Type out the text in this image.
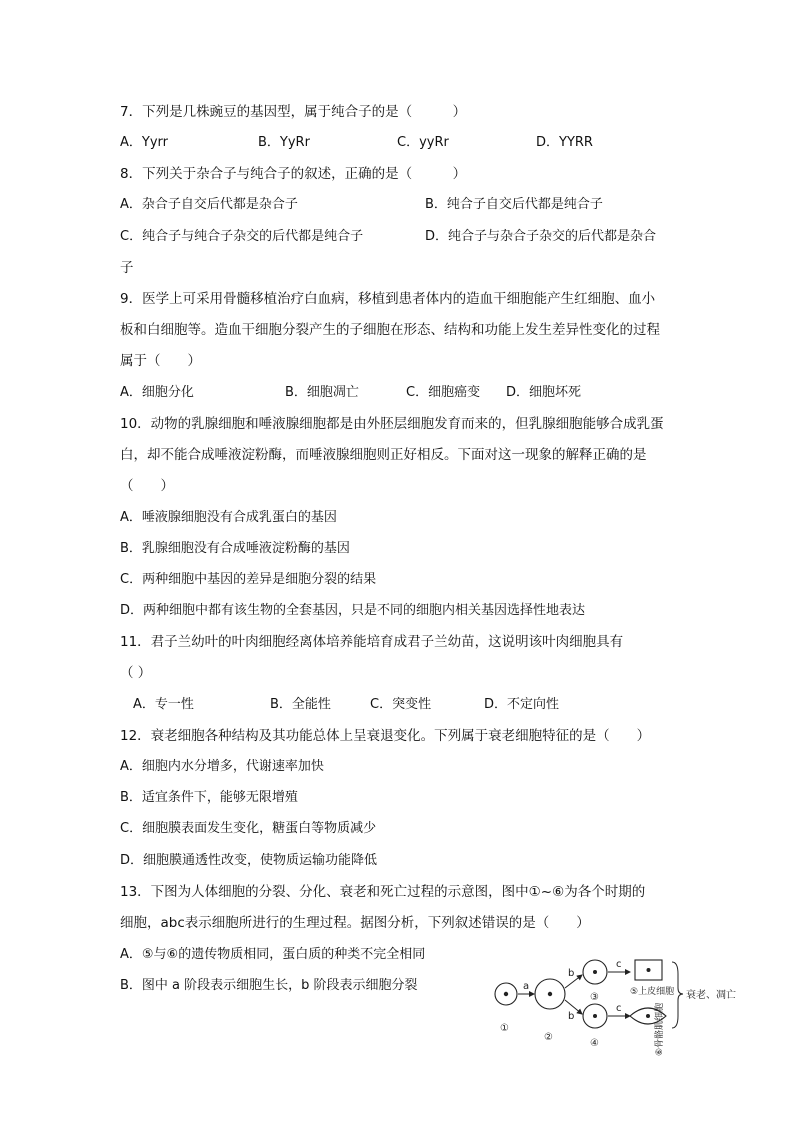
7．下列是几株豌豆的基因型，属于纯合子的是（　　　）
A．Yyrr	B．YyRr	C．yyRr	D．YYRR
8．下列关于杂合子与纯合子的叙述，正确的是（　　　）
A．杂合子自交后代都是杂合子	B．纯合子自交后代都是纯合子
C．纯合子与纯合子杂交的后代都是纯合子	D．纯合子与杂合子杂交的后代都是杂合
子
9．医学上可采用骨髓移植治疗白血病，移植到患者体内的造血干细胞能产生红细胞、血小
板和白细胞等。造血干细胞分裂产生的子细胞在形态、结构和功能上发生差异性变化的过程
属于（　　）
A．细胞分化	B．细胞凋亡	C．细胞癌变 D．细胞坏死
10．动物的乳腺细胞和唾液腺细胞都是由外胚层细胞发育而来的，但乳腺细胞能够合成乳蛋
白，却不能合成唾液淀粉酶，而唾液腺细胞则正好相反。下面对这一现象的解释正确的是
（　　）
A．唾液腺细胞没有合成乳蛋白的基因
B．乳腺细胞没有合成唾液淀粉酶的基因
C．两种细胞中基因的差异是细胞分裂的结果
D．两种细胞中都有该生物的全套基因，只是不同的细胞内相关基因选择性地表达
11．君子兰幼叶的叶肉细胞经离体培养能培育成君子兰幼苗，这说明该叶肉细胞具有
（ ）
A．专一性	B．全能性	C．突变性	D．不定向性
12．衰老细胞各种结构及其功能总体上呈衰退变化。下列属于衰老细胞特征的是（　　）
A．细胞内水分增多，代谢速率加快
B．适宜条件下，能够无限增殖
C．细胞膜表面发生变化，糖蛋白等物质减少
D．细胞膜通透性改变，使物质运输功能降低
13．下图为人体细胞的分裂、分化、衰老和死亡过程的示意图，图中①~⑥为各个时期的
细胞，abc表示细胞所进行的生理过程。据图分析，下列叙述错误的是（　　）
A．⑤与⑥的遗传物质相同，蛋白质的种类不完全相同
B．图中 a 阶段表示细胞生长，b 阶段表示细胞分裂	a
b
b
c
c
⑤上皮细胞
⑥骨骼肌细胞
①
②
③
④
衰老、凋亡
